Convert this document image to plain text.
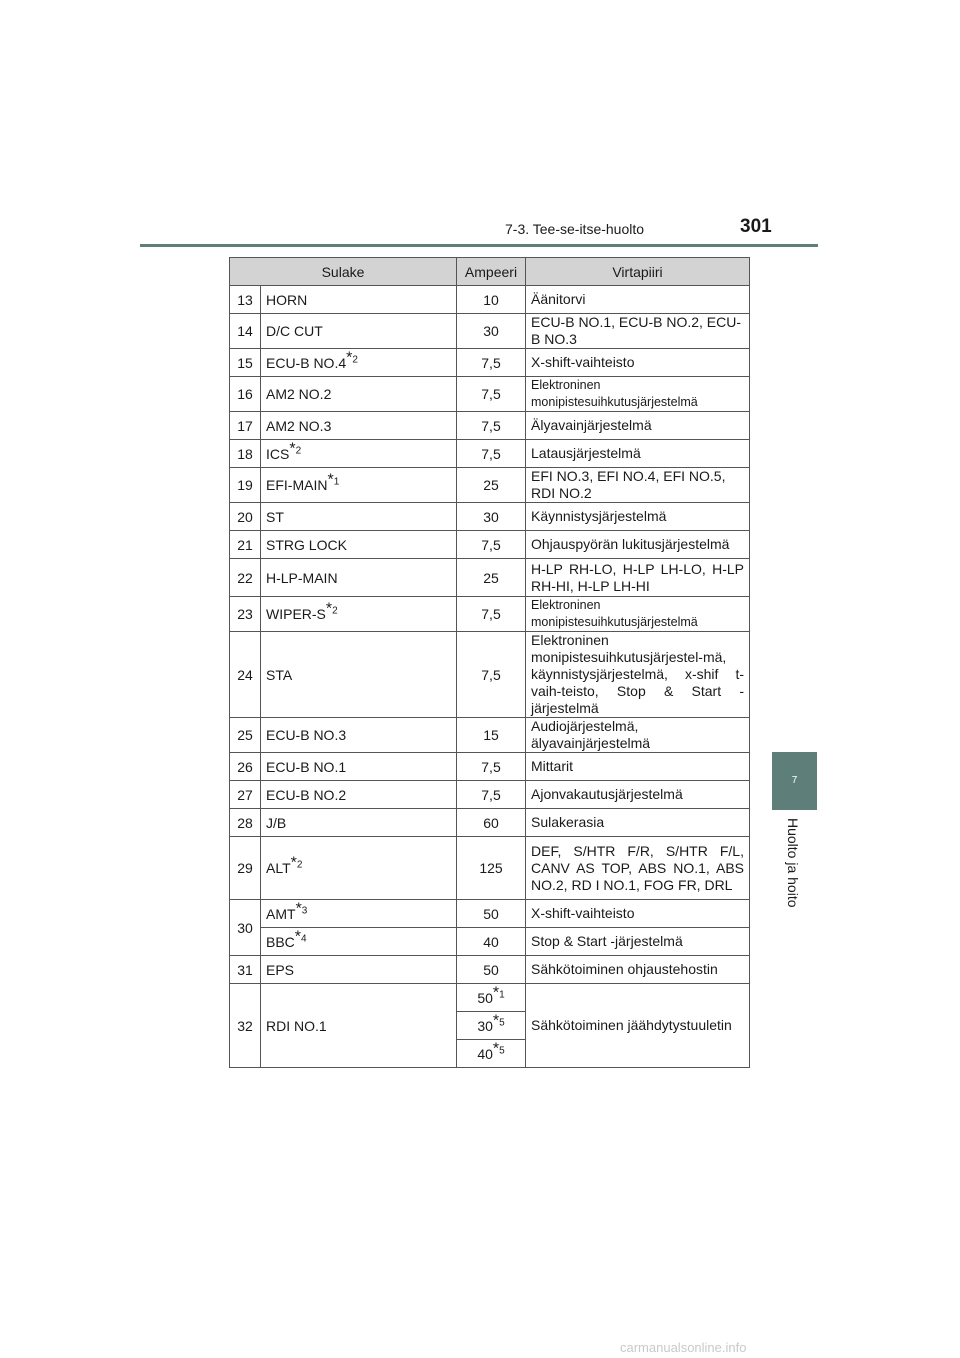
7-3. Tee-se-itse-huolto	301
7
Huolto ja hoito
Sulake		Ampeeri	Virtapiiri
13	HORN	10	Äänitorvi
14	D/C CUT	30	ECU-B NO.1, ECU-B NO.2, ECU-B NO.3
15	ECU-B NO.4*$^2$	7,5	X-shift-vaihteisto
16	AM2 NO.2	7,5	Elektroninen monipistesuihkutusjärjestelmä
17	AM2 NO.3	7,5	Älyavainjärjestelmä
18	ICS*$^2$	7,5	Latausjärjestelmä
19	EFI-MAIN*$^1$	25	EFI NO.3, EFI NO.4, EFI NO.5, RDI NO.2
20	ST	30	Käynnistysjärjestelmä
21	STRG LOCK	7,5	Ohjauspyörän lukitusjärjestelmä
22	H-LP-MAIN	25	H-LP RH-LO, H-LP LH-LO, H-LP RH-HI, H-LP LH-HI
23	WIPER-S*$^2$	7,5	Elektroninen monipistesuihkutusjärjestelmä
24	STA	7,5	Elektroninen monipistesuihkutusjärjestel-mä, käynnistysjärjestelmä, x-shif t-vaih-teisto, Stop & Start -järjestelmä
25	ECU-B NO.3	15	Audiojärjestelmä, älyavainjärjestelmä
26	ECU-B NO.1	7,5	Mittarit
27	ECU-B NO.2	7,5	Ajonvakautusjärjestelmä
28	J/B	60	Sulakerasia
29	ALT*$^2$	125	DEF, S/HTR F/R, S/HTR F/L, CANV AS TOP, ABS NO.1, ABS NO.2, RD I NO.1, FOG FR, DRL
30	AMT*$^3$	50	X-shift-vaihteisto
	BBC*$^4$	40	Stop & Start -järjestelmä
31	EPS	50	Sähkötoiminen ohjaustehostin
32	RDI NO.1	50*$^1$	Sähkötoiminen jäähdytystuuletin
		30*$^5$
		40*$^5$
carmanualsonline.info
